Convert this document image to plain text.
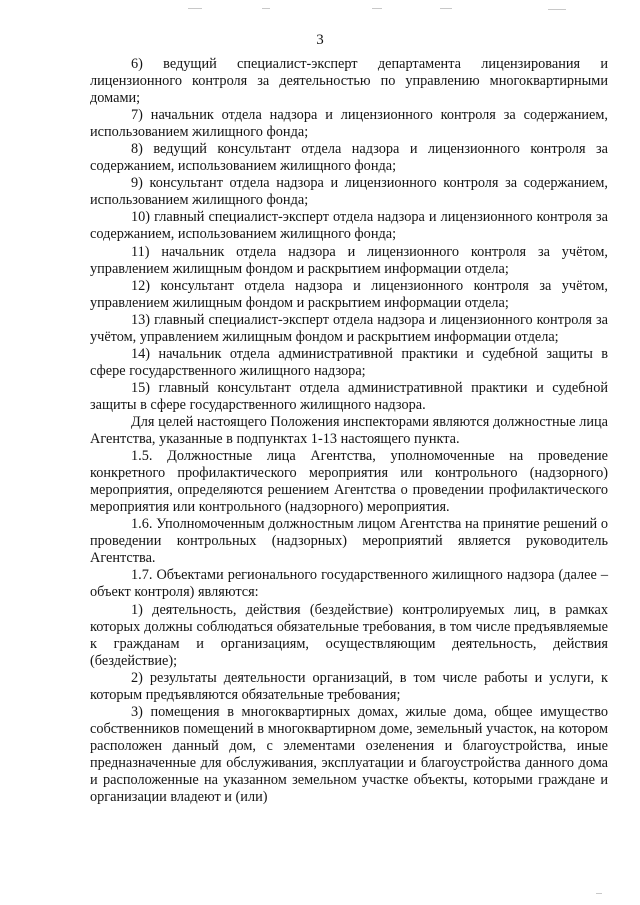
3

6) ведущий специалист-эксперт департамента лицензирования и лицензионного контроля за деятельностью по управлению многоквартирными домами;

7) начальник отдела надзора и лицензионного контроля за содержанием, использованием жилищного фонда;

8) ведущий консультант отдела надзора и лицензионного контроля за содержанием, использованием жилищного фонда;

9) консультант отдела надзора и лицензионного контроля за содержанием, использованием жилищного фонда;

10) главный специалист-эксперт отдела надзора и лицензионного контроля за содержанием, использованием жилищного фонда;

11) начальник отдела надзора и лицензионного контроля за учётом, управлением жилищным фондом и раскрытием информации отдела;

12) консультант отдела надзора и лицензионного контроля за учётом, управлением жилищным фондом и раскрытием информации отдела;

13) главный специалист-эксперт отдела надзора и лицензионного контроля за учётом, управлением жилищным фондом и раскрытием информации отдела;

14) начальник отдела административной практики и судебной защиты в сфере государственного жилищного надзора;

15) главный консультант отдела административной практики и судебной защиты в сфере государственного жилищного надзора.

Для целей настоящего Положения инспекторами являются должностные лица Агентства, указанные в подпунктах 1-13 настоящего пункта.

1.5. Должностные лица Агентства, уполномоченные на проведение конкретного профилактического мероприятия или контрольного (надзорного) мероприятия, определяются решением Агентства о проведении профилактического мероприятия или контрольного (надзорного) мероприятия.

1.6. Уполномоченным должностным лицом Агентства на принятие решений о проведении контрольных (надзорных) мероприятий является руководитель Агентства.

1.7. Объектами регионального государственного жилищного надзора (далее – объект контроля) являются:

1) деятельность, действия (бездействие) контролируемых лиц, в рамках которых должны соблюдаться обязательные требования, в том числе предъявляемые к гражданам и организациям, осуществляющим деятельность, действия (бездействие);

2) результаты деятельности организаций, в том числе работы и услуги, к которым предъявляются обязательные требования;

3) помещения в многоквартирных домах, жилые дома, общее имущество собственников помещений в многоквартирном доме, земельный участок, на котором расположен данный дом, с элементами озеленения и благоустройства, иные предназначенные для обслуживания, эксплуатации и благоустройства данного дома и расположенные на указанном земельном участке объекты, которыми граждане и организации владеют и (или)
